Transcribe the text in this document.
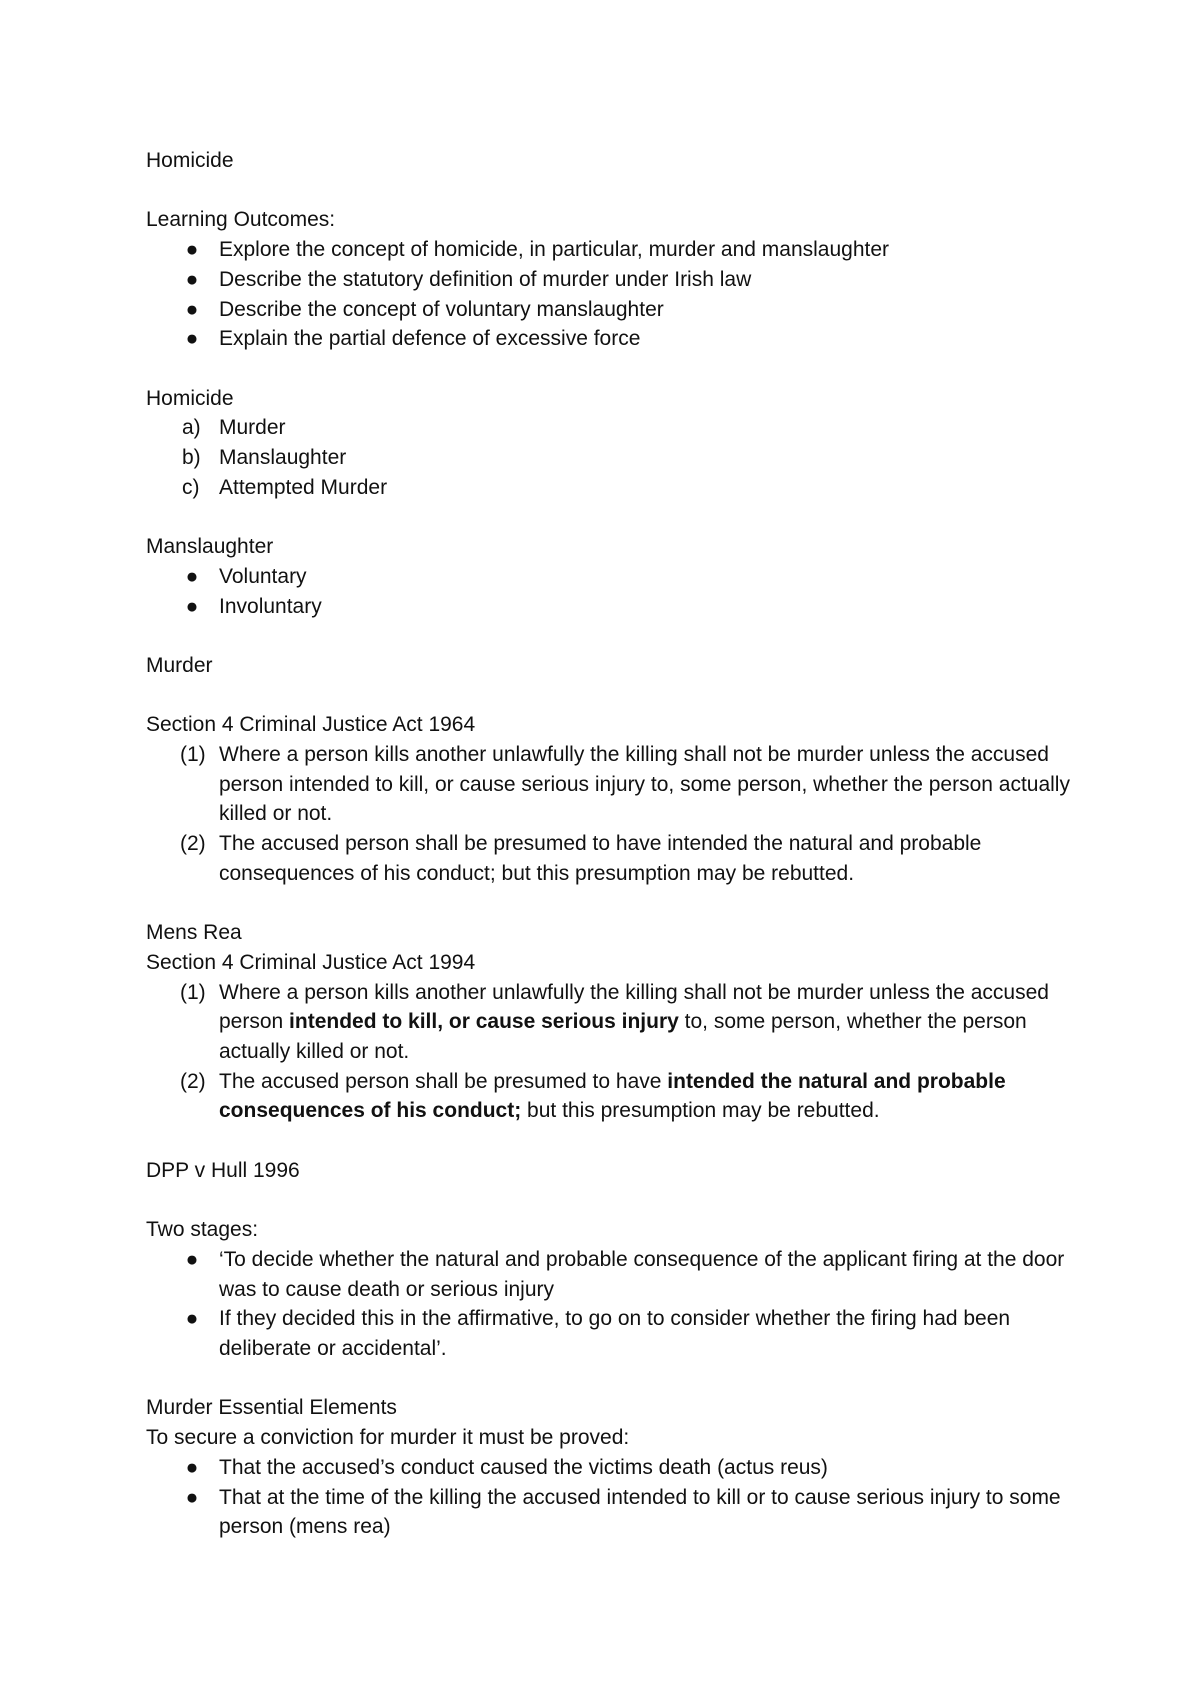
Homicide

Learning Outcomes:

● Explore the concept of homicide, in particular, murder and manslaughter

● Describe the statutory definition of murder under Irish law

● Describe the concept of voluntary manslaughter

● Explain the partial defence of excessive force

Homicide

a) Murder

b) Manslaughter

c) Attempted Murder

Manslaughter

● Voluntary

● Involuntary

Murder

Section 4 Criminal Justice Act 1964

(1) Where a person kills another unlawfully the killing shall not be murder unless the accused person intended to kill, or cause serious injury to, some person, whether the person actually killed or not.

(2) The accused person shall be presumed to have intended the natural and probable consequences of his conduct; but this presumption may be rebutted.

Mens Rea

Section 4 Criminal Justice Act 1994

(1) Where a person kills another unlawfully the killing shall not be murder unless the accused person intended to kill, or cause serious injury to, some person, whether the person actually killed or not.

(2) The accused person shall be presumed to have intended the natural and probable consequences of his conduct; but this presumption may be rebutted.

DPP v Hull 1996

Two stages:

● ‘To decide whether the natural and probable consequence of the applicant firing at the door was to cause death or serious injury

● If they decided this in the affirmative, to go on to consider whether the firing had been deliberate or accidental’.

Murder Essential Elements

To secure a conviction for murder it must be proved:

● That the accused’s conduct caused the victims death (actus reus)

● That at the time of the killing the accused intended to kill or to cause serious injury to some person (mens rea)
